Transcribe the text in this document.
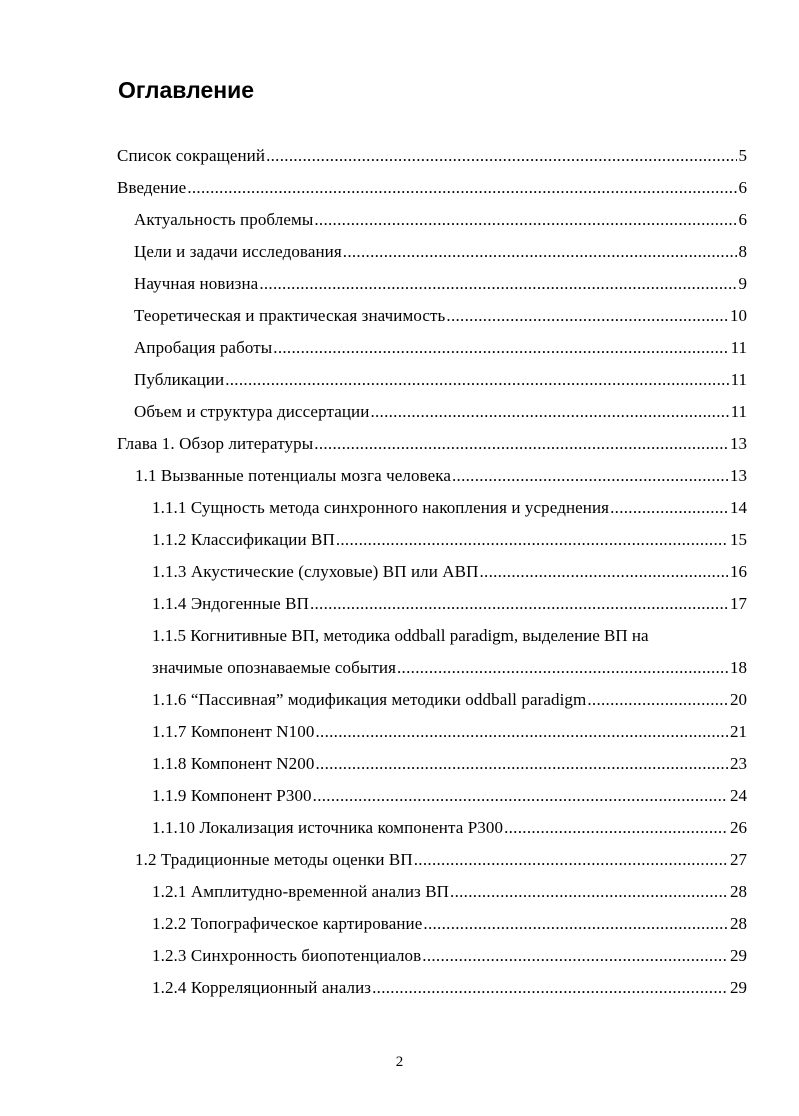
Оглавление
Список сокращений .....	5
Введение .....	6
Актуальность проблемы .....	6
Цели и задачи исследования .....	8
Научная новизна .....	9
Теоретическая и практическая значимость .....	10
Апробация работы .....	11
Публикации .....	11
Объем и структура диссертации .....	11
Глава 1. Обзор литературы .....	13
1.1 Вызванные потенциалы мозга человека .....	13
1.1.1 Сущность метода синхронного накопления и усреднения .....	14
1.1.2 Классификации ВП .....	15
1.1.3 Акустические (слуховые) ВП или АВП .....	16
1.1.4 Эндогенные ВП .....	17
1.1.5 Когнитивные ВП, методика oddball paradigm, выделение ВП на
значимые опознаваемые события .....	18
1.1.6 “Пассивная” модификация методики oddball paradigm .....	20
1.1.7 Компонент N100 .....	21
1.1.8 Компонент N200 .....	23
1.1.9 Компонент P300 .....	24
1.1.10 Локализация источника компонента P300 .....	26
1.2 Традиционные методы оценки ВП .....	27
1.2.1 Амплитудно-временной анализ ВП .....	28
1.2.2 Топографическое картирование .....	28
1.2.3 Синхронность биопотенциалов .....	29
1.2.4 Корреляционный анализ .....	29
2
